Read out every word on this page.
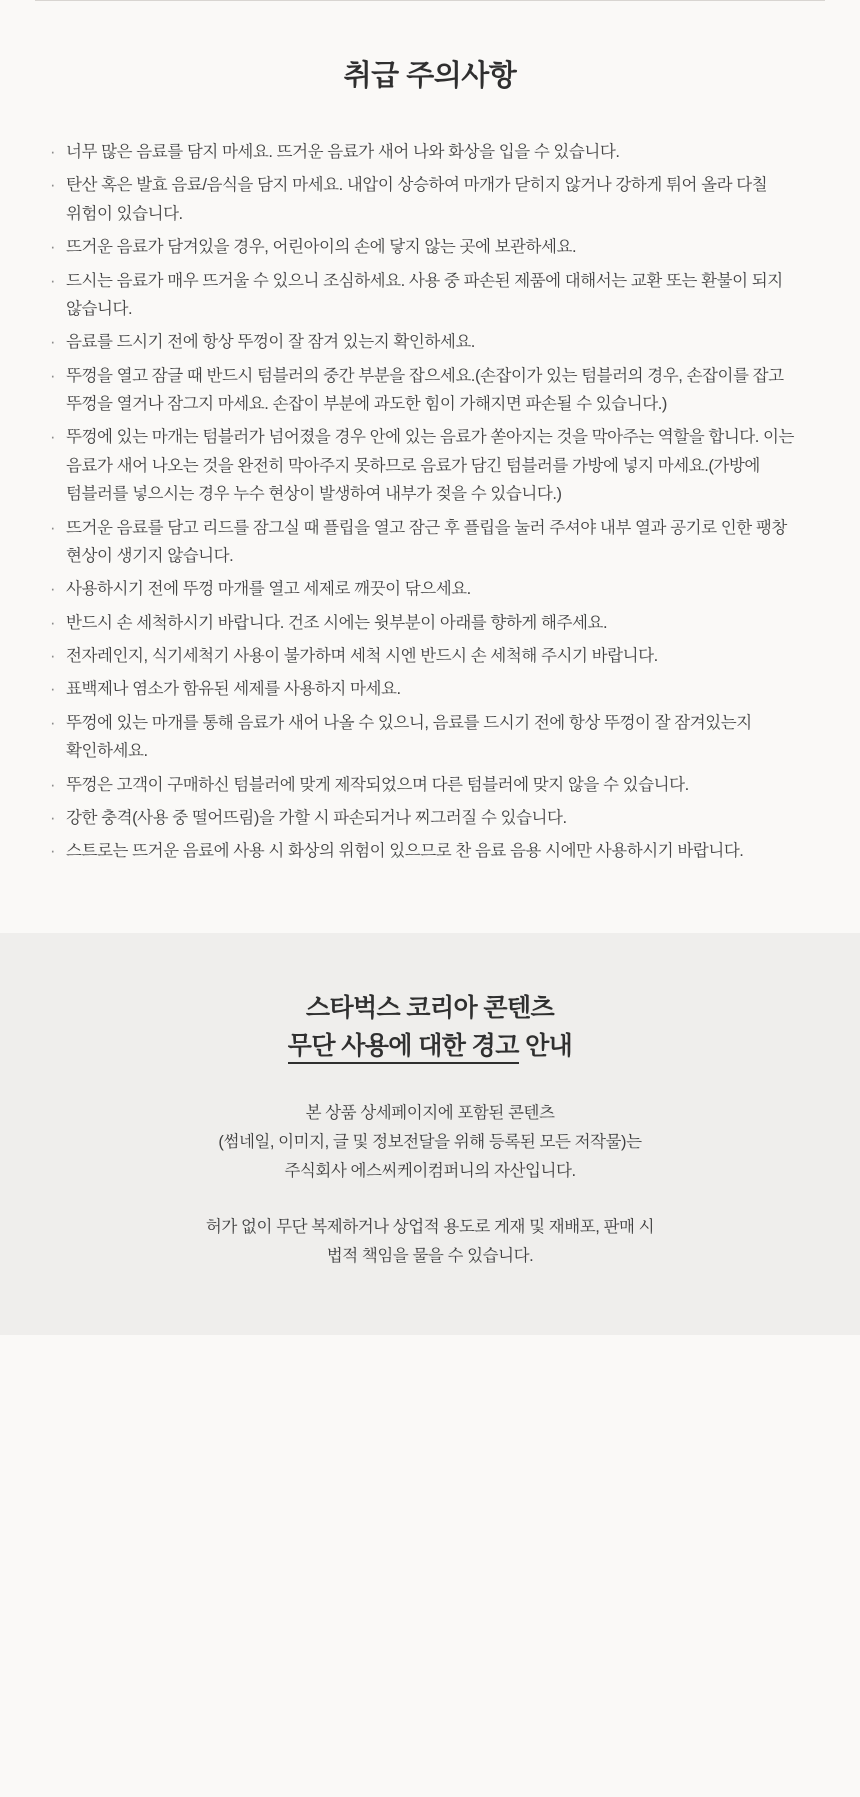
취급 주의사항
· 너무 많은 음료를 담지 마세요. 뜨거운 음료가 새어 나와 화상을 입을 수 있습니다.
· 탄산 혹은 발효 음료/음식을 담지 마세요. 내압이 상승하여 마개가 닫히지 않거나 강하게 튀어 올라 다칠 위험이 있습니다.
· 뜨거운 음료가 담겨있을 경우, 어린아이의 손에 닿지 않는 곳에 보관하세요.
· 드시는 음료가 매우 뜨거울 수 있으니 조심하세요. 사용 중 파손된 제품에 대해서는 교환 또는 환불이 되지 않습니다.
· 음료를 드시기 전에 항상 뚜껑이 잘 잠겨 있는지 확인하세요.
· 뚜껑을 열고 잠글 때 반드시 텀블러의 중간 부분을 잡으세요.(손잡이가 있는 텀블러의 경우, 손잡이를 잡고 뚜껑을 열거나 잠그지 마세요. 손잡이 부분에 과도한 힘이 가해지면 파손될 수 있습니다.)
· 뚜껑에 있는 마개는 텀블러가 넘어졌을 경우 안에 있는 음료가 쏟아지는 것을 막아주는 역할을 합니다. 이는 음료가 새어 나오는 것을 완전히 막아주지 못하므로 음료가 담긴 텀블러를 가방에 넣지 마세요.(가방에 텀블러를 넣으시는 경우 누수 현상이 발생하여 내부가 젖을 수 있습니다.)
· 뜨거운 음료를 담고 리드를 잠그실 때 플립을 열고 잠근 후 플립을 눌러 주셔야 내부 열과 공기로 인한 팽창 현상이 생기지 않습니다.
· 사용하시기 전에 뚜껑 마개를 열고 세제로 깨끗이 닦으세요.
· 반드시 손 세척하시기 바랍니다. 건조 시에는 윗부분이 아래를 향하게 해주세요.
· 전자레인지, 식기세척기 사용이 불가하며 세척 시엔 반드시 손 세척해 주시기 바랍니다.
· 표백제나 염소가 함유된 세제를 사용하지 마세요.
· 뚜껑에 있는 마개를 통해 음료가 새어 나올 수 있으니, 음료를 드시기 전에 항상 뚜껑이 잘 잠겨있는지 확인하세요.
· 뚜껑은 고객이 구매하신 텀블러에 맞게 제작되었으며 다른 텀블러에 맞지 않을 수 있습니다.
· 강한 충격(사용 중 떨어뜨림)을 가할 시 파손되거나 찌그러질 수 있습니다.
· 스트로는 뜨거운 음료에 사용 시 화상의 위험이 있으므로 찬 음료 음용 시에만 사용하시기 바랍니다.
스타벅스 코리아 콘텐츠
무단 사용에 대한 경고 안내

본 상품 상세페이지에 포함된 콘텐츠
(썸네일, 이미지, 글 및 정보전달을 위해 등록된 모든 저작물)는
주식회사 에스씨케이컴퍼니의 자산입니다.

허가 없이 무단 복제하거나 상업적 용도로 게재 및 재배포, 판매 시
법적 책임을 물을 수 있습니다.
